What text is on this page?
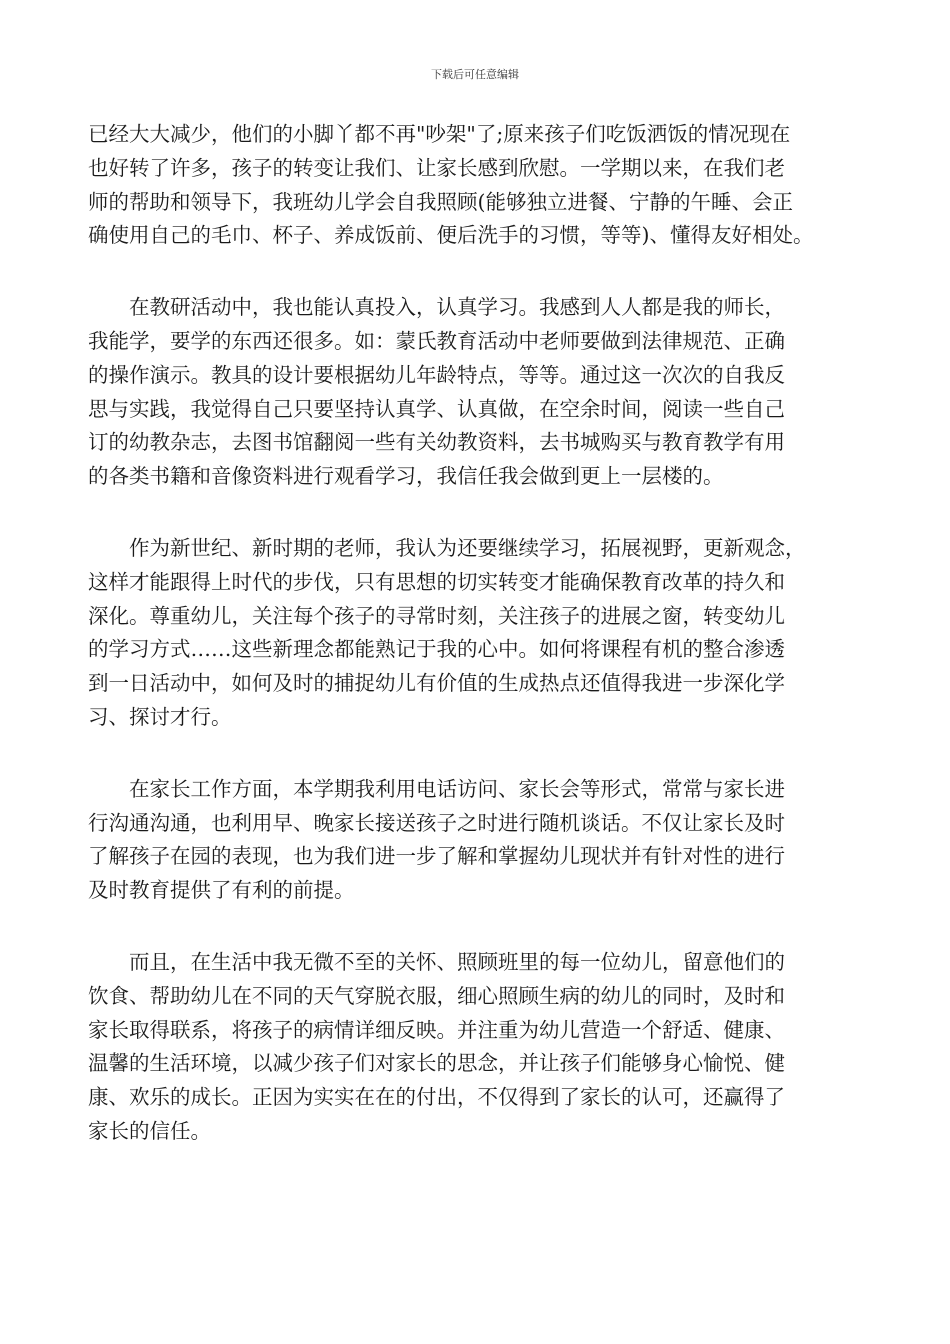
下载后可任意编辑
已经大大减少，他们的小脚丫都不再"吵架"了;原来孩子们吃饭洒饭的情况现在
也好转了许多，孩子的转变让我们、让家长感到欣慰。一学期以来，在我们老
师的帮助和领导下，我班幼儿学会自我照顾(能够独立进餐、宁静的午睡、会正
确使用自己的毛巾、杯子、养成饭前、便后洗手的习惯，等等)、懂得友好相处。
　　在教研活动中，我也能认真投入，认真学习。我感到人人都是我的师长，
我能学，要学的东西还很多。如：蒙氏教育活动中老师要做到法律规范、正确
的操作演示。教具的设计要根据幼儿年龄特点，等等。通过这一次次的自我反
思与实践，我觉得自己只要坚持认真学、认真做，在空余时间，阅读一些自己
订的幼教杂志，去图书馆翻阅一些有关幼教资料，去书城购买与教育教学有用
的各类书籍和音像资料进行观看学习，我信任我会做到更上一层楼的。
　　作为新世纪、新时期的老师，我认为还要继续学习，拓展视野，更新观念，
这样才能跟得上时代的步伐，只有思想的切实转变才能确保教育改革的持久和
深化。尊重幼儿，关注每个孩子的寻常时刻，关注孩子的进展之窗，转变幼儿
的学习方式……这些新理念都能熟记于我的心中。如何将课程有机的整合渗透
到一日活动中，如何及时的捕捉幼儿有价值的生成热点还值得我进一步深化学
习、探讨才行。
　　在家长工作方面，本学期我利用电话访问、家长会等形式，常常与家长进
行沟通沟通，也利用早、晚家长接送孩子之时进行随机谈话。不仅让家长及时
了解孩子在园的表现，也为我们进一步了解和掌握幼儿现状并有针对性的进行
及时教育提供了有利的前提。
　　而且，在生活中我无微不至的关怀、照顾班里的每一位幼儿，留意他们的
饮食、帮助幼儿在不同的天气穿脱衣服，细心照顾生病的幼儿的同时，及时和
家长取得联系，将孩子的病情详细反映。并注重为幼儿营造一个舒适、健康、
温馨的生活环境，以减少孩子们对家长的思念，并让孩子们能够身心愉悦、健
康、欢乐的成长。正因为实实在在的付出，不仅得到了家长的认可，还赢得了
家长的信任。
